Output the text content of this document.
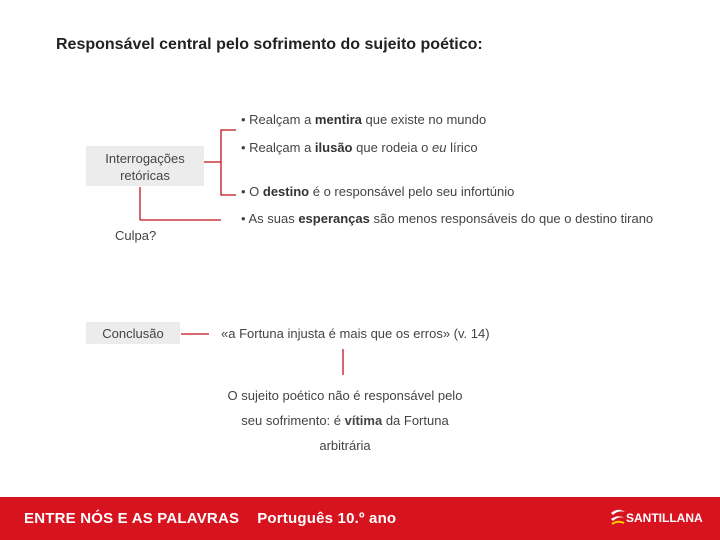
Responsável central pelo sofrimento do sujeito poético:
Interrogações
retóricas
Culpa?
Conclusão
• Realçam a mentira que existe no mundo
• Realçam a ilusão que rodeia o eu lírico
• O destino é o responsável pelo seu infortúnio
• As suas esperanças são menos responsáveis do que o destino tirano
«a Fortuna injusta é mais que os erros» (v. 14)
O sujeito poético não é responsável pelo
seu sofrimento: é vítima da Fortuna
arbitrária
ENTRE NÓS E AS PALAVRAS Português 10.º ano	SANTILLANA
